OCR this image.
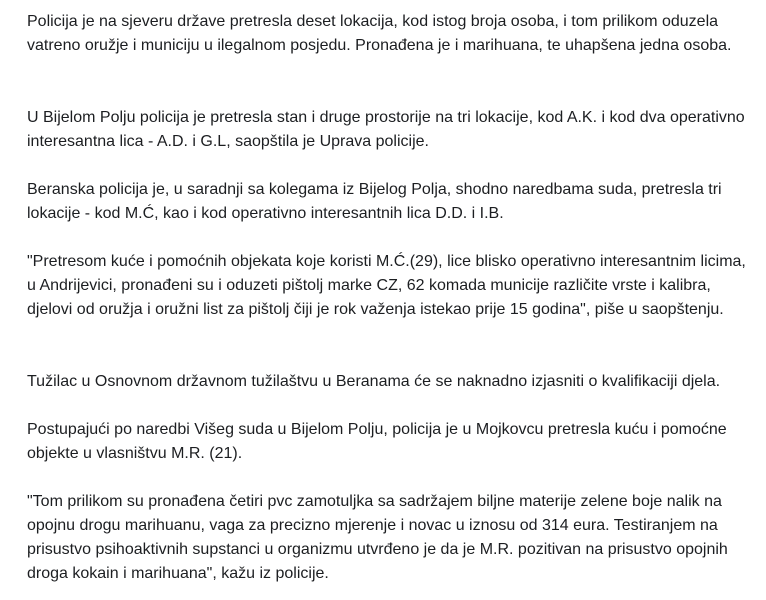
Policija je na sjeveru države pretresla deset lokacija, kod istog broja osoba, i tom prilikom oduzela vatreno oružje i municiju u ilegalnom posjedu. Pronađena je i marihuana, te uhapšena jedna osoba.

U Bijelom Polju policija je pretresla stan i druge prostorije na tri lokacije, kod A.K. i kod dva operativno interesantna lica - A.D. i G.L, saopštila je Uprava policije.

Beranska policija je, u saradnji sa kolegama iz Bijelog Polja, shodno naredbama suda, pretresla tri lokacije - kod M.Ć, kao i kod operativno interesantnih lica D.D. i I.B.

"Pretresom kuće i pomoćnih objekata koje koristi M.Ć.(29), lice blisko operativno interesantnim licima, u Andrijevici, pronađeni su i oduzeti pištolj marke CZ, 62 komada municije različite vrste i kalibra, djelovi od oružja i oružni list za pištolj čiji je rok važenja istekao prije 15 godina", piše u saopštenju.

Tužilac u Osnovnom državnom tužilaštvu u Beranama će se naknadno izjasniti o kvalifikaciji djela.

Postupajući po naredbi Višeg suda u Bijelom Polju, policija je u Mojkovcu pretresla kuću i pomoćne objekte u vlasništvu M.R. (21).

"Tom prilikom su pronađena četiri pvc zamotuljka sa sadržajem biljne materije zelene boje nalik na opojnu drogu marihuanu, vaga za precizno mjerenje i novac u iznosu od 314 eura. Testiranjem na prisustvo psihoaktivnih supstanci u organizmu utvrđeno je da je M.R. pozitivan na prisustvo opojnih droga kokain i marihuana", kažu iz policije.
